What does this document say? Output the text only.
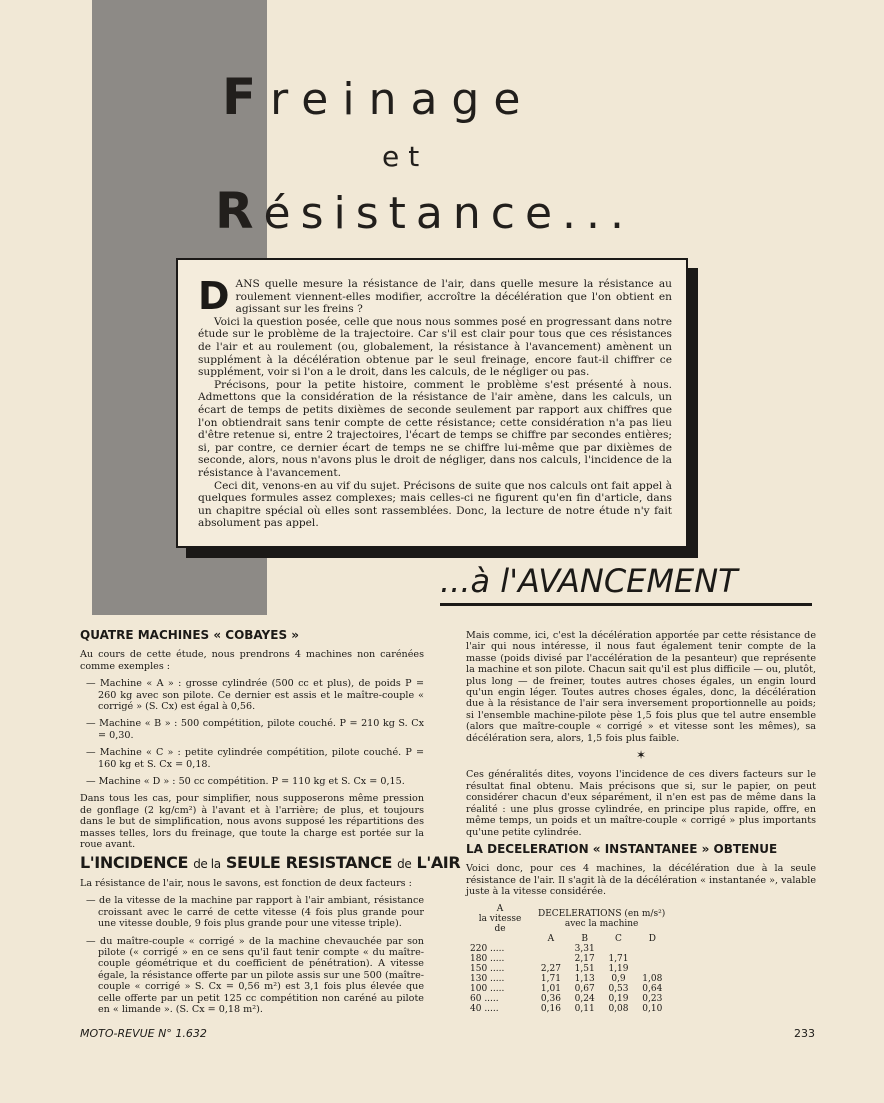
Freinage
et
Résistance...

DANS quelle mesure la résistance de l'air, dans quelle mesure la résistance au roulement viennent-elles modifier, accroître la décélération que l'on obtient en agissant sur les freins ?

Voici la question posée, celle que nous nous sommes posé en progressant dans notre étude sur le problème de la trajectoire. Car s'il est clair pour tous que ces résistances de l'air et au roulement (ou, globalement, la résistance à l'avancement) amènent un supplément à la décélération obtenue par le seul freinage, encore faut-il chiffrer ce supplément, voir si l'on a le droit, dans les calculs, de le négliger ou pas.

Précisons, pour la petite histoire, comment le problème s'est présenté à nous. Admettons que la considération de la résistance de l'air amène, dans les calculs, un écart de temps de petits dixièmes de seconde seulement par rapport aux chiffres que l'on obtiendrait sans tenir compte de cette résistance; cette considération n'a pas lieu d'être retenue si, entre 2 trajectoires, l'écart de temps se chiffre par secondes entières; si, par contre, ce dernier écart de temps ne se chiffre lui-même que par dixièmes de seconde, alors, nous n'avons plus le droit de négliger, dans nos calculs, l'incidence de la résistance à l'avancement.

Ceci dit, venons-en au vif du sujet. Précisons de suite que nos calculs ont fait appel à quelques formules assez complexes; mais celles-ci ne figurent qu'en fin d'article, dans un chapitre spécial où elles sont rassemblées. Donc, la lecture de notre étude n'y fait absolument pas appel.

...à l'AVANCEMENT
QUATRE MACHINES « COBAYES »

Au cours de cette étude, nous prendrons 4 machines non carénées comme exemples :

— Machine « A » : grosse cylindrée (500 cc et plus), de poids P = 260 kg avec son pilote. Ce dernier est assis et le maître-couple « corrigé » (S. Cx) est égal à 0,56.

— Machine « B » : 500 compétition, pilote couché. P = 210 kg S. Cx = 0,30.

— Machine « C » : petite cylindrée compétition, pilote couché. P = 160 kg et S. Cx = 0,18.

— Machine « D » : 50 cc compétition. P = 110 kg et S. Cx = 0,15.

Dans tous les cas, pour simplifier, nous supposerons même pression de gonflage (2 kg/cm²) à l'avant et à l'arrière; de plus, et toujours dans le but de simplification, nous avons supposé les répartitions des masses telles, lors du freinage, que toute la charge est portée sur la roue avant.

L'INCIDENCE de la SEULE RESISTANCE de L'AIR

La résistance de l'air, nous le savons, est fonction de deux facteurs :

— de la vitesse de la machine par rapport à l'air ambiant, résistance croissant avec le carré de cette vitesse (4 fois plus grande pour une vitesse double, 9 fois plus grande pour une vitesse triple).

— du maître-couple « corrigé » de la machine chevauchée par son pilote (« corrigé » en ce sens qu'il faut tenir compte « du maître-couple géométrique et du coefficient de pénétration). A vitesse égale, la résistance offerte par un pilote assis sur une 500 (maître-couple « corrigé » S. Cx = 0,56 m²) est 3,1 fois plus élevée que celle offerte par un petit 125 cc compétition non caréné au pilote en « limande ». (S. Cx = 0,18 m²).

Mais comme, ici, c'est la décélération apportée par cette résistance de l'air qui nous intéresse, il nous faut également tenir compte de la masse (poids divisé par l'accélération de la pesanteur) que représente la machine et son pilote. Chacun sait qu'il est plus difficile — ou, plutôt, plus long — de freiner, toutes autres choses égales, un engin lourd qu'un engin léger. Toutes autres choses égales, donc, la décélération due à la résistance de l'air sera inversement proportionnelle au poids; si l'ensemble machine-pilote pèse 1,5 fois plus que tel autre ensemble (alors que maître-couple « corrigé » et vitesse sont les mêmes), sa décélération sera, alors, 1,5 fois plus faible.

✶

Ces généralités dites, voyons l'incidence de ces divers facteurs sur le résultat final obtenu. Mais précisons que si, sur le papier, on peut considérer chacun d'eux séparément, il n'en est pas de même dans la réalité : une plus grosse cylindrée, en principe plus rapide, offre, en même temps, un poids et un maître-couple « corrigé » plus importants qu'une petite cylindrée.

LA DECELERATION « INSTANTANEE » OBTENUE

Voici donc, pour ces 4 machines, la décélération due à la seule résistance de l'air. Il s'agit là de la décélération « instantanée », valable juste à la vitesse considérée.

A
la vitesse
de	DECELERATIONS (en m/s²)
avec la machine			
	A	B	C	D
220 .....		3,31		
180 .....		2,17	1,71	
150 .....	2,27	1,51	1,19	
130 .....	1,71	1,13	0,9	1,08
100 .....	1,01	0,67	0,53	0,64
60 .....	0,36	0,24	0,19	0,23
40 .....	0,16	0,11	0,08	0,10
MOTO-REVUE N° 1.632	233
